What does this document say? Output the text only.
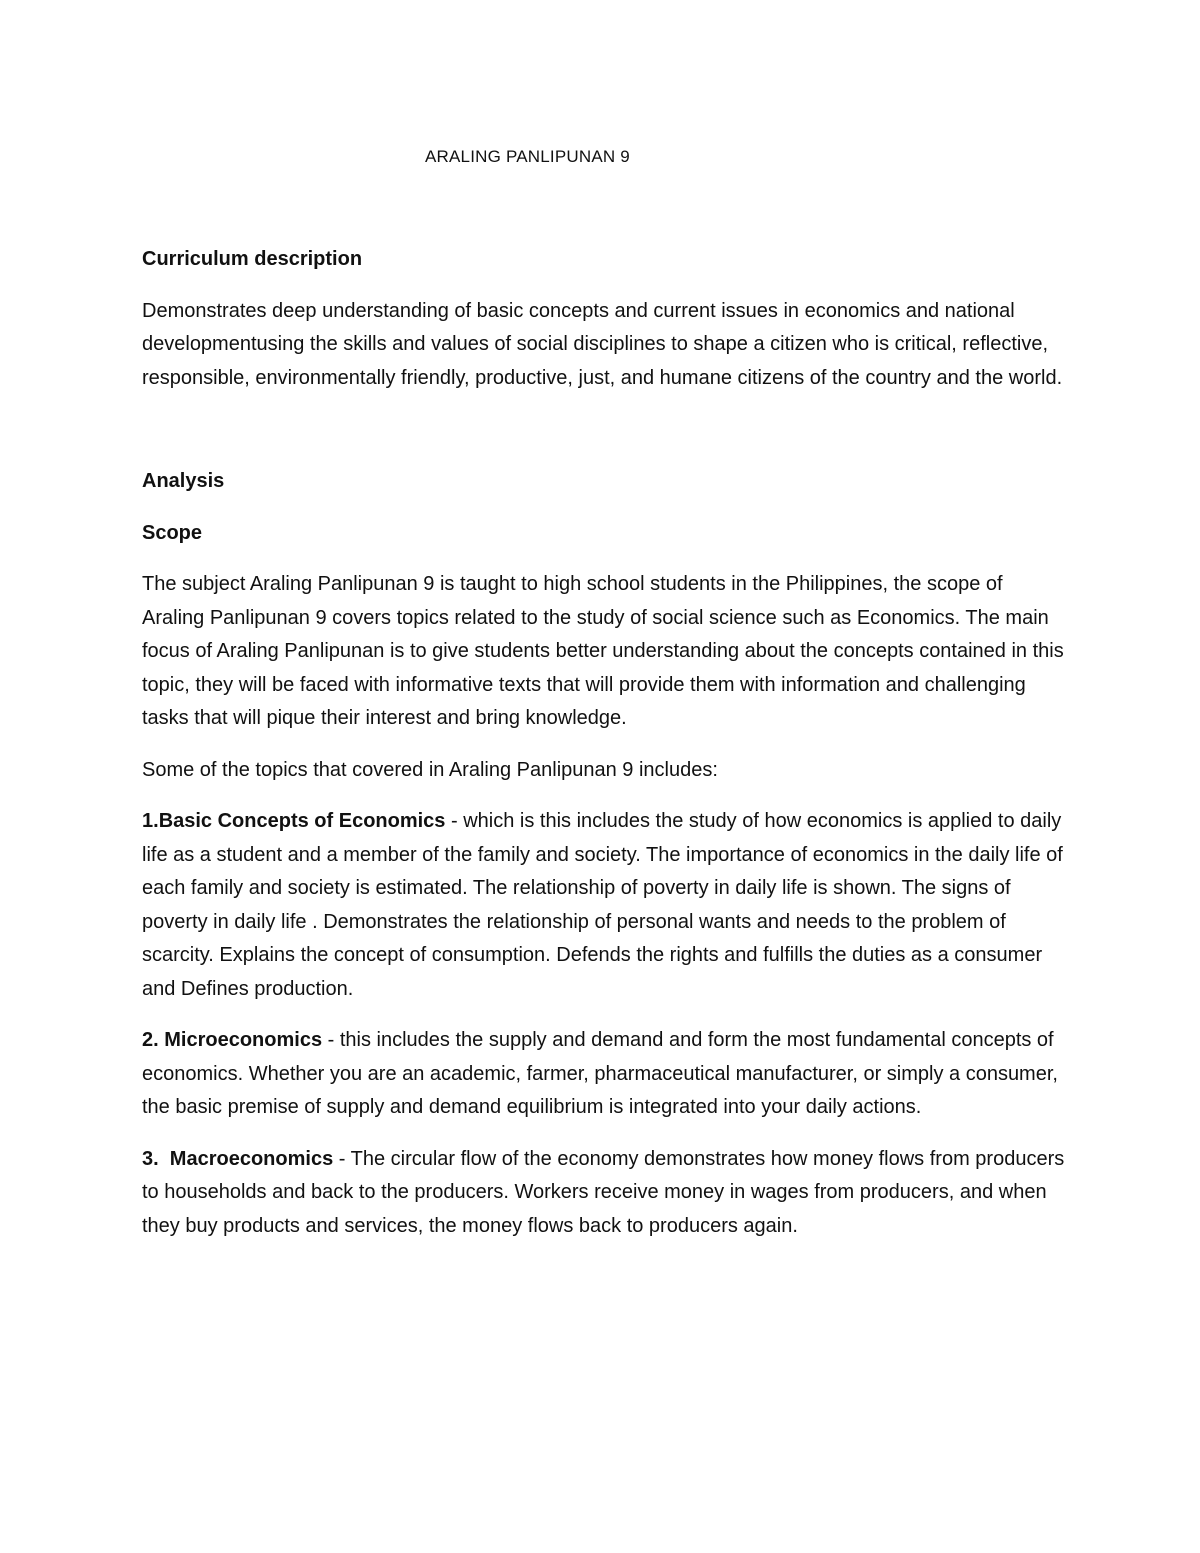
ARALING PANLIPUNAN 9

Curriculum description

Demonstrates deep understanding of basic concepts and current issues in economics and national developmentusing the skills and values of social disciplines to shape a citizen who is critical, reflective, responsible, environmentally friendly, productive, just, and humane citizens of the country and the world.

Analysis

Scope

The subject Araling Panlipunan 9 is taught to high school students in the Philippines, the scope of Araling Panlipunan 9 covers topics related to the study of social science such as Economics. The main focus of Araling Panlipunan is to give students better understanding about the concepts contained in this topic, they will be faced with informative texts that will provide them with information and challenging tasks that will pique their interest and bring knowledge.

Some of the topics that covered in Araling Panlipunan 9 includes:

1.Basic Concepts of Economics - which is this includes the study of how economics is applied to daily life as a student and a member of the family and society. The importance of economics in the daily life of each family and society is estimated. The relationship of poverty in daily life is shown. The signs of poverty in daily life . Demonstrates the relationship of personal wants and needs to the problem of scarcity. Explains the concept of consumption. Defends the rights and fulfills the duties as a consumer and Defines production.

2. Microeconomics - this includes the supply and demand and form the most fundamental concepts of economics. Whether you are an academic, farmer, pharmaceutical manufacturer, or simply a consumer, the basic premise of supply and demand equilibrium is integrated into your daily actions.

3.  Macroeconomics - The circular flow of the economy demonstrates how money flows from producers to households and back to the producers. Workers receive money in wages from producers, and when they buy products and services, the money flows back to producers again.
